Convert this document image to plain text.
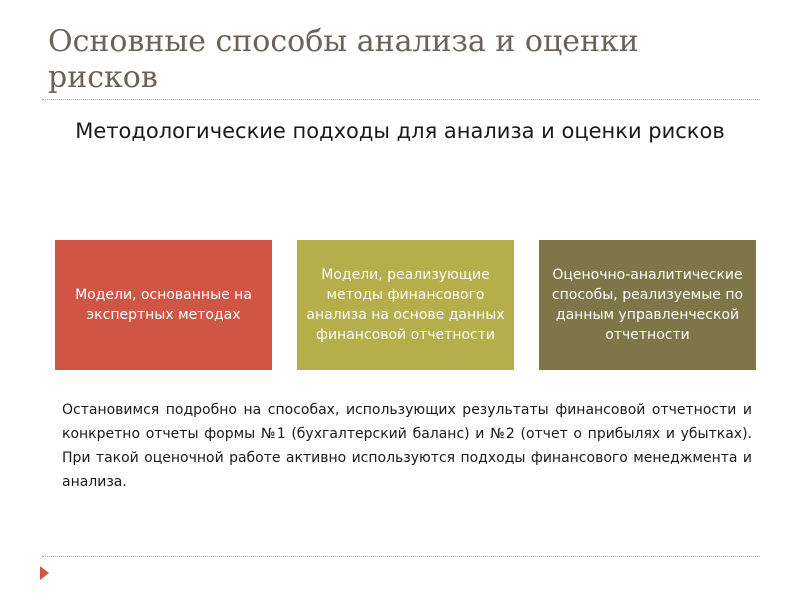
Основные способы анализа и оценки рисков
Методологические подходы для анализа и оценки рисков
Модели, основанные на экспертных методах
Модели, реализующие методы финансового анализа на основе данных финансовой отчетности
Оценочно-аналитические способы, реализуемые по данным управленческой отчетности
Остановимся подробно на способах, использующих результаты финансовой отчетности и конкретно отчеты формы №1 (бухгалтерский баланс) и №2 (отчет о прибылях и убытках). При такой оценочной работе активно используются подходы финансового менеджмента и анализа.
